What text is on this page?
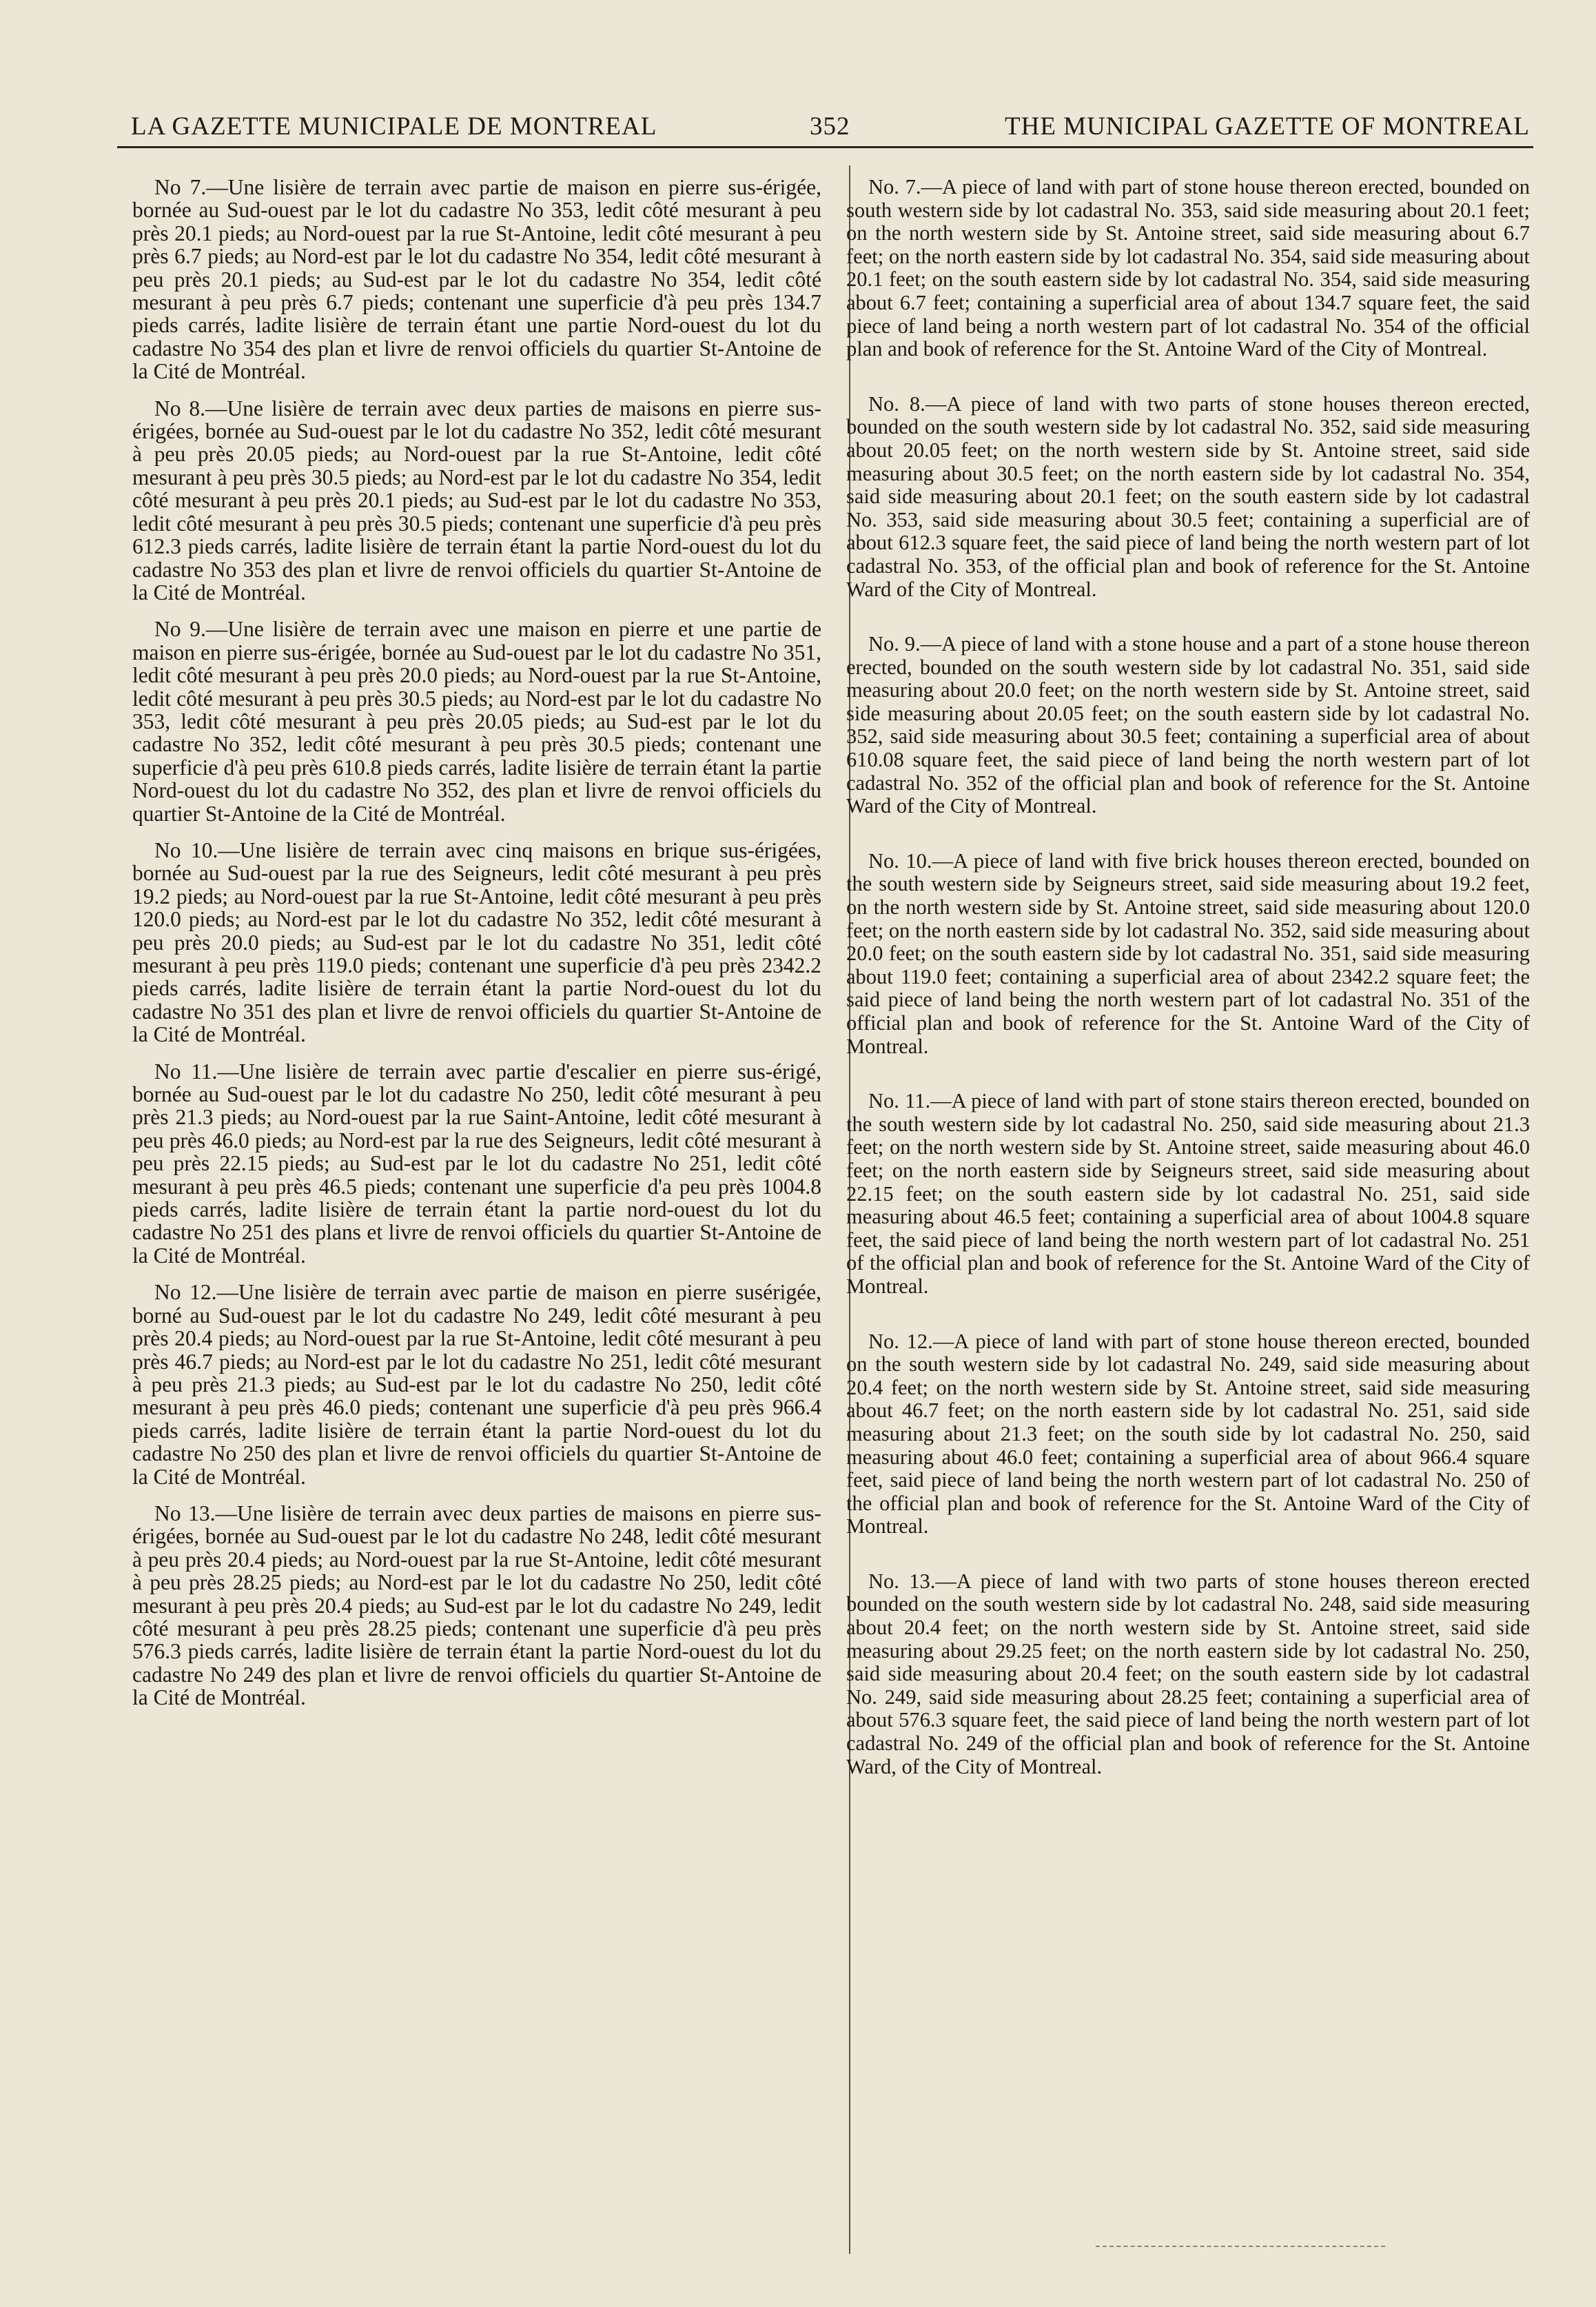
LA GAZETTE MUNICIPALE DE MONTREAL	352	THE MUNICIPAL GAZETTE OF MONTREAL

No 7.—Une lisière de terrain avec partie de maison en pierre sus-érigée, bornée au Sud-ouest par le lot du cadastre No 353, ledit côté mesurant à peu près 20.1 pieds; au Nord-ouest par la rue St-Antoine, ledit côté mesurant à peu près 6.7 pieds; au Nord-est par le lot du cadastre No 354, ledit côté mesurant à peu près 20.1 pieds; au Sud-est par le lot du cadastre No 354, ledit côté mesurant à peu près 6.7 pieds; contenant une superficie d'à peu près 134.7 pieds carrés, ladite lisière de terrain étant une partie Nord-ouest du lot du cadastre No 354 des plan et livre de renvoi officiels du quartier St-Antoine de la Cité de Montréal.

No 8.—Une lisière de terrain avec deux parties de maisons en pierre sus-érigées, bornée au Sud-ouest par le lot du cadastre No 352, ledit côté mesurant à peu près 20.05 pieds; au Nord-ouest par la rue St-Antoine, ledit côté mesurant à peu près 30.5 pieds; au Nord-est par le lot du cadastre No 354, ledit côté mesurant à peu près 20.1 pieds; au Sud-est par le lot du cadastre No 353, ledit côté mesurant à peu près 30.5 pieds; contenant une superficie d'à peu près 612.3 pieds carrés, ladite lisière de terrain étant la partie Nord-ouest du lot du cadastre No 353 des plan et livre de renvoi officiels du quartier St-Antoine de la Cité de Montréal.

No 9.—Une lisière de terrain avec une maison en pierre et une partie de maison en pierre sus-érigée, bornée au Sud-ouest par le lot du cadastre No 351, ledit côté mesurant à peu près 20.0 pieds; au Nord-ouest par la rue St-Antoine, ledit côté mesurant à peu près 30.5 pieds; au Nord-est par le lot du cadastre No 353, ledit côté mesurant à peu près 20.05 pieds; au Sud-est par le lot du cadastre No 352, ledit côté mesurant à peu près 30.5 pieds; contenant une superficie d'à peu près 610.8 pieds carrés, ladite lisière de terrain étant la partie Nord-ouest du lot du cadastre No 352, des plan et livre de renvoi officiels du quartier St-Antoine de la Cité de Montréal.

No 10.—Une lisière de terrain avec cinq maisons en brique sus-érigées, bornée au Sud-ouest par la rue des Seigneurs, ledit côté mesurant à peu près 19.2 pieds; au Nord-ouest par la rue St-Antoine, ledit côté mesurant à peu près 120.0 pieds; au Nord-est par le lot du cadastre No 352, ledit côté mesurant à peu près 20.0 pieds; au Sud-est par le lot du cadastre No 351, ledit côté mesurant à peu près 119.0 pieds; contenant une superficie d'à peu près 2342.2 pieds carrés, ladite lisière de terrain étant la partie Nord-ouest du lot du cadastre No 351 des plan et livre de renvoi officiels du quartier St-Antoine de la Cité de Montréal.

No 11.—Une lisière de terrain avec partie d'escalier en pierre sus-érigé, bornée au Sud-ouest par le lot du cadastre No 250, ledit côté mesurant à peu près 21.3 pieds; au Nord-ouest par la rue Saint-Antoine, ledit côté mesurant à peu près 46.0 pieds; au Nord-est par la rue des Seigneurs, ledit côté mesurant à peu près 22.15 pieds; au Sud-est par le lot du cadastre No 251, ledit côté mesurant à peu près 46.5 pieds; contenant une superficie d'a peu près 1004.8 pieds carrés, ladite lisière de terrain étant la partie nord-ouest du lot du cadastre No 251 des plans et livre de renvoi officiels du quartier St-Antoine de la Cité de Montréal.

No 12.—Une lisière de terrain avec partie de maison en pierre susérigée, borné au Sud-ouest par le lot du cadastre No 249, ledit côté mesurant à peu près 20.4 pieds; au Nord-ouest par la rue St-Antoine, ledit côté mesurant à peu près 46.7 pieds; au Nord-est par le lot du cadastre No 251, ledit côté mesurant à peu près 21.3 pieds; au Sud-est par le lot du cadastre No 250, ledit côté mesurant à peu près 46.0 pieds; contenant une superficie d'à peu près 966.4 pieds carrés, ladite lisière de terrain étant la partie Nord-ouest du lot du cadastre No 250 des plan et livre de renvoi officiels du quartier St-Antoine de la Cité de Montréal.

No 13.—Une lisière de terrain avec deux parties de maisons en pierre sus-érigées, bornée au Sud-ouest par le lot du cadastre No 248, ledit côté mesurant à peu près 20.4 pieds; au Nord-ouest par la rue St-Antoine, ledit côté mesurant à peu près 28.25 pieds; au Nord-est par le lot du cadastre No 250, ledit côté mesurant à peu près 20.4 pieds; au Sud-est par le lot du cadastre No 249, ledit côté mesurant à peu près 28.25 pieds; contenant une superficie d'à peu près 576.3 pieds carrés, ladite lisière de terrain étant la partie Nord-ouest du lot du cadastre No 249 des plan et livre de renvoi officiels du quartier St-Antoine de la Cité de Montréal.

No. 7.—A piece of land with part of stone house thereon erected, bounded on south western side by lot cadastral No. 353, said side measuring about 20.1 feet; on the north western side by St. Antoine street, said side measuring about 6.7 feet; on the north eastern side by lot cadastral No. 354, said side measuring about 20.1 feet; on the south eastern side by lot cadastral No. 354, said side measuring about 6.7 feet; containing a superficial area of about 134.7 square feet, the said piece of land being a north western part of lot cadastral No. 354 of the official plan and book of reference for the St. Antoine Ward of the City of Montreal.

No. 8.—A piece of land with two parts of stone houses thereon erected, bounded on the south western side by lot cadastral No. 352, said side measuring about 20.05 feet; on the north western side by St. Antoine street, said side measuring about 30.5 feet; on the north eastern side by lot cadastral No. 354, said side measuring about 20.1 feet; on the south eastern side by lot cadastral No. 353, said side measuring about 30.5 feet; containing a superficial are of about 612.3 square feet, the said piece of land being the north western part of lot cadastral No. 353, of the official plan and book of reference for the St. Antoine Ward of the City of Montreal.

No. 9.—A piece of land with a stone house and a part of a stone house thereon erected, bounded on the south western side by lot cadastral No. 351, said side measuring about 20.0 feet; on the north western side by St. Antoine street, said side measuring about 20.05 feet; on the south eastern side by lot cadastral No. 352, said side measuring about 30.5 feet; containing a superficial area of about 610.08 square feet, the said piece of land being the north western part of lot cadastral No. 352 of the official plan and book of reference for the St. Antoine Ward of the City of Montreal.

No. 10.—A piece of land with five brick houses thereon erected, bounded on the south western side by Seigneurs street, said side measuring about 19.2 feet, on the north western side by St. Antoine street, said side measuring about 120.0 feet; on the north eastern side by lot cadastral No. 352, said side measuring about 20.0 feet; on the south eastern side by lot cadastral No. 351, said side measuring about 119.0 feet; containing a superficial area of about 2342.2 square feet; the said piece of land being the north western part of lot cadastral No. 351 of the official plan and book of reference for the St. Antoine Ward of the City of Montreal.

No. 11.—A piece of land with part of stone stairs thereon erected, bounded on the south western side by lot cadastral No. 250, said side measuring about 21.3 feet; on the north western side by St. Antoine street, saide measuring about 46.0 feet; on the north eastern side by Seigneurs street, said side measuring about 22.15 feet; on the south eastern side by lot cadastral No. 251, said side measuring about 46.5 feet; containing a superficial area of about 1004.8 square feet, the said piece of land being the north western part of lot cadastral No. 251 of the official plan and book of reference for the St. Antoine Ward of the City of Montreal.

No. 12.—A piece of land with part of stone house thereon erected, bounded on the south western side by lot cadastral No. 249, said side measuring about 20.4 feet; on the north western side by St. Antoine street, said side measuring about 46.7 feet; on the north eastern side by lot cadastral No. 251, said side measuring about 21.3 feet; on the south side by lot cadastral No. 250, said measuring about 46.0 feet; containing a superficial area of about 966.4 square feet, said piece of land being the north western part of lot cadastral No. 250 of the official plan and book of reference for the St. Antoine Ward of the City of Montreal.

No. 13.—A piece of land with two parts of stone houses thereon erected bounded on the south western side by lot cadastral No. 248, said side measuring about 20.4 feet; on the north western side by St. Antoine street, said side measuring about 29.25 feet; on the north eastern side by lot cadastral No. 250, said side measuring about 20.4 feet; on the south eastern side by lot cadastral No. 249, said side measuring about 28.25 feet; containing a superficial area of about 576.3 square feet, the said piece of land being the north western part of lot cadastral No. 249 of the official plan and book of reference for the St. Antoine Ward, of the City of Montreal.
